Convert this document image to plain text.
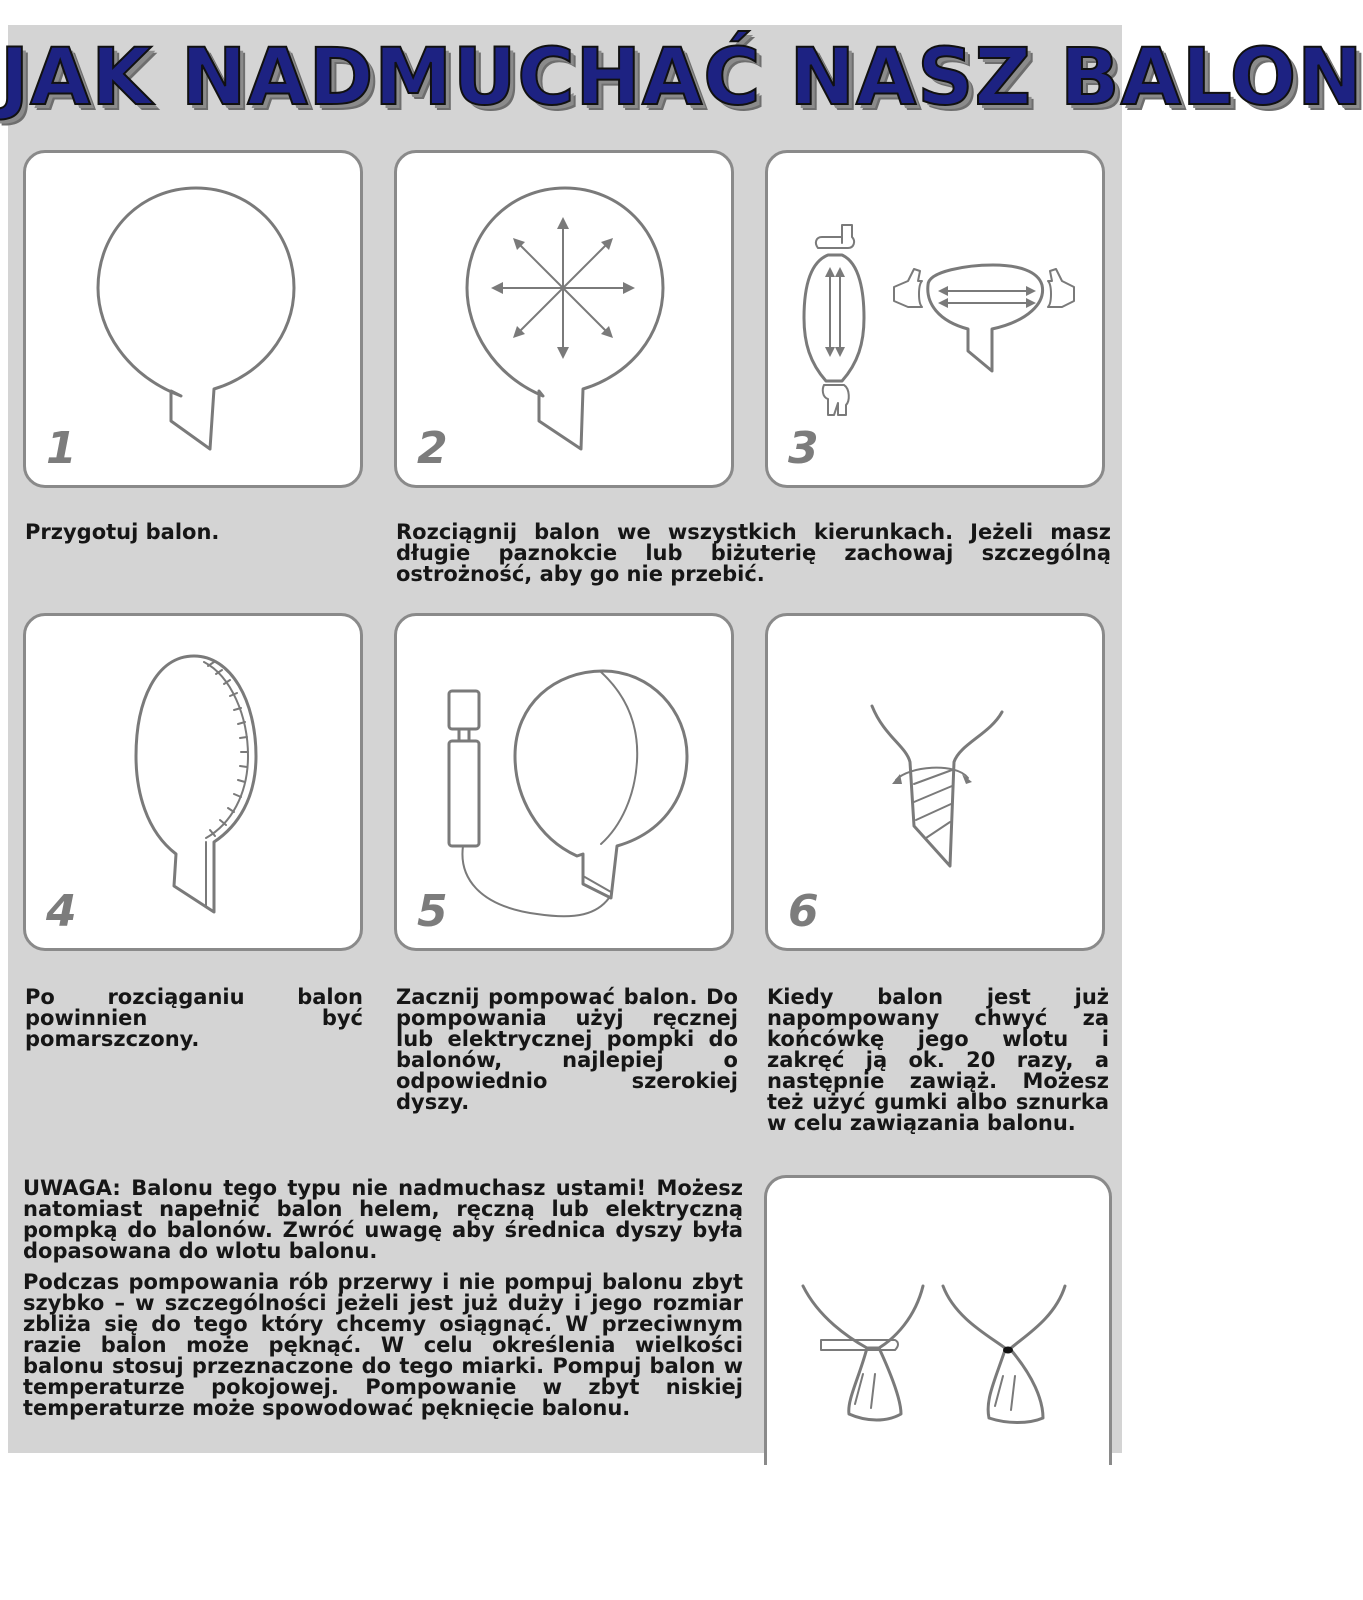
JAK NADMUCHAĆ NASZ BALON
1	2	3

Przygotuj balon.	Rozciągnij balon we wszystkich kierunkach. Jeżeli masz długie paznokcie lub biżuterię zachowaj szczególną ostrożność, aby go nie przebić.

4	5	6

Po rozciąganiu balon powinnien być pomarszczony.

Zacznij pompować balon. Do pompowania użyj ręcznej lub elektrycznej pompki do balonów, najlepiej o odpowiednio szerokiej dyszy.

Kiedy balon jest już napompowany chwyć za końcówkę jego wlotu i zakręć ją ok. 20 razy, a następnie zawiąż. Możesz też użyć gumki albo sznurka w celu zawiązania balonu.

UWAGA: Balonu tego typu nie nadmuchasz ustami! Możesz natomiast napełnić balon helem, ręczną lub elektryczną pompką do balonów. Zwróć uwagę aby średnica dyszy była dopasowana do wlotu balonu.

Podczas pompowania rób przerwy i nie pompuj balonu zbyt szybko – w szczególności jeżeli jest już duży i jego rozmiar zbliża się do tego który chcemy osiągnąć. W przeciwnym razie balon może pęknąć. W celu określenia wielkości balonu stosuj przeznaczone do tego miarki. Pompuj balon w temperaturze pokojowej. Pompowanie w zbyt niskiej temperaturze może spowodować pęknięcie balonu.
